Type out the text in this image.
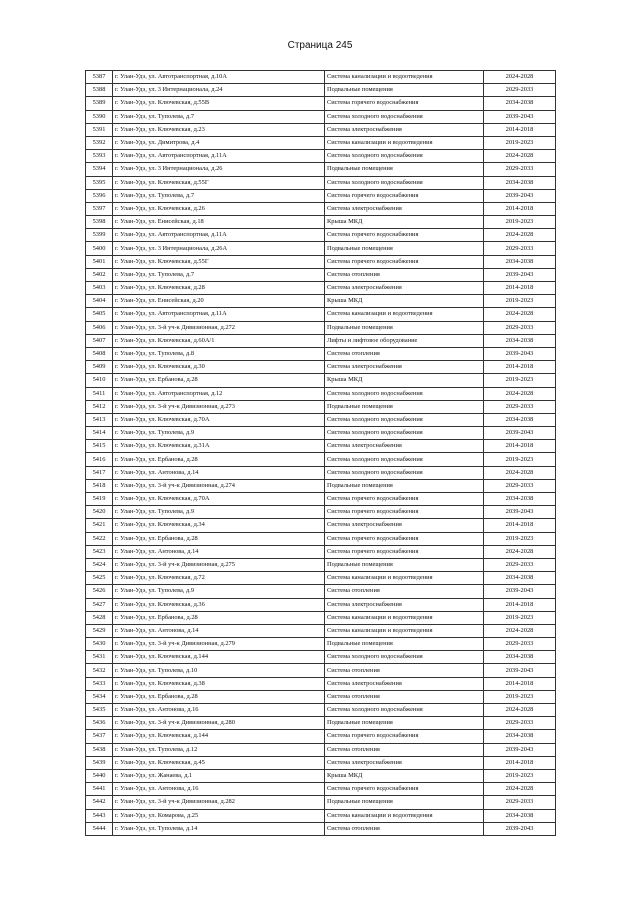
Страница 245
5387	г. Улан-Удэ, ул. Автотранспортная, д.10А	Система канализации и водоотведения	2024-2028
5388	г. Улан-Удэ, ул. 3 Интернационала, д.24	Подвальные помещения	2029-2033
5389	г. Улан-Удэ, ул. Ключевская, д.55В	Система горячего водоснабжения	2034-2038
5390	г. Улан-Удэ, ул. Туполева, д.7	Система холодного водоснабжения	2039-2043
5391	г. Улан-Удэ, ул. Ключевская, д.23	Система электроснабжения	2014-2018
5392	г. Улан-Удэ, ул. Димитрова, д.4	Система канализации и водоотведения	2019-2023
5393	г. Улан-Удэ, ул. Автотранспортная, д.11А	Система холодного водоснабжения	2024-2028
5394	г. Улан-Удэ, ул. 3 Интернационала, д.26	Подвальные помещения	2029-2033
5395	г. Улан-Удэ, ул. Ключевская, д.55Г	Система холодного водоснабжения	2034-2038
5396	г. Улан-Удэ, ул. Туполева, д.7	Система горячего водоснабжения	2039-2043
5397	г. Улан-Удэ, ул. Ключевская, д.26	Система электроснабжения	2014-2018
5398	г. Улан-Удэ, ул. Енисейская, д.18	Крыша МКД	2019-2023
5399	г. Улан-Удэ, ул. Автотранспортная, д.11А	Система горячего водоснабжения	2024-2028
5400	г. Улан-Удэ, ул. 3 Интернационала, д.26А	Подвальные помещения	2029-2033
5401	г. Улан-Удэ, ул. Ключевская, д.55Г	Система горячего водоснабжения	2034-2038
5402	г. Улан-Удэ, ул. Туполева, д.7	Система отопления	2039-2043
5403	г. Улан-Удэ, ул. Ключевская, д.28	Система электроснабжения	2014-2018
5404	г. Улан-Удэ, ул. Енисейская, д.20	Крыша МКД	2019-2023
5405	г. Улан-Удэ, ул. Автотранспортная, д.11А	Система канализации и водоотведения	2024-2028
5406	г. Улан-Удэ, ул. 3-й уч-к Дивизионная, д.272	Подвальные помещения	2029-2033
5407	г. Улан-Удэ, ул. Ключевская, д.60А/1	Лифты и лифтовое оборудование	2034-2038
5408	г. Улан-Удэ, ул. Туполева, д.8	Система отопления	2039-2043
5409	г. Улан-Удэ, ул. Ключевская, д.30	Система электроснабжения	2014-2018
5410	г. Улан-Удэ, ул. Ербанова, д.28	Крыша МКД	2019-2023
5411	г. Улан-Удэ, ул. Автотранспортная, д.12	Система холодного водоснабжения	2024-2028
5412	г. Улан-Удэ, ул. 3-й уч-к Дивизионная, д.273	Подвальные помещения	2029-2033
5413	г. Улан-Удэ, ул. Ключевская, д.70А	Система холодного водоснабжения	2034-2038
5414	г. Улан-Удэ, ул. Туполева, д.9	Система холодного водоснабжения	2039-2043
5415	г. Улан-Удэ, ул. Ключевская, д.31А	Система электроснабжения	2014-2018
5416	г. Улан-Удэ, ул. Ербанова, д.28	Система холодного водоснабжения	2019-2023
5417	г. Улан-Удэ, ул. Антонова, д.14	Система холодного водоснабжения	2024-2028
5418	г. Улан-Удэ, ул. 3-й уч-к Дивизионная, д.274	Подвальные помещения	2029-2033
5419	г. Улан-Удэ, ул. Ключевская, д.70А	Система горячего водоснабжения	2034-2038
5420	г. Улан-Удэ, ул. Туполева, д.9	Система горячего водоснабжения	2039-2043
5421	г. Улан-Удэ, ул. Ключевская, д.34	Система электроснабжения	2014-2018
5422	г. Улан-Удэ, ул. Ербанова, д.28	Система горячего водоснабжения	2019-2023
5423	г. Улан-Удэ, ул. Антонова, д.14	Система горячего водоснабжения	2024-2028
5424	г. Улан-Удэ, ул. 3-й уч-к Дивизионная, д.275	Подвальные помещения	2029-2033
5425	г. Улан-Удэ, ул. Ключевская, д.72	Система канализации и водоотведения	2034-2038
5426	г. Улан-Удэ, ул. Туполева, д.9	Система отопления	2039-2043
5427	г. Улан-Удэ, ул. Ключевская, д.36	Система электроснабжения	2014-2018
5428	г. Улан-Удэ, ул. Ербанова, д.28	Система канализации и водоотведения	2019-2023
5429	г. Улан-Удэ, ул. Антонова, д.14	Система канализации и водоотведения	2024-2028
5430	г. Улан-Удэ, ул. 3-й уч-к Дивизионная, д.279	Подвальные помещения	2029-2033
5431	г. Улан-Удэ, ул. Ключевская, д.144	Система холодного водоснабжения	2034-2038
5432	г. Улан-Удэ, ул. Туполева, д.10	Система отопления	2039-2043
5433	г. Улан-Удэ, ул. Ключевская, д.38	Система электроснабжения	2014-2018
5434	г. Улан-Удэ, ул. Ербанова, д.28	Система отопления	2019-2023
5435	г. Улан-Удэ, ул. Антонова, д.16	Система холодного водоснабжения	2024-2028
5436	г. Улан-Удэ, ул. 3-й уч-к Дивизионная, д.280	Подвальные помещения	2029-2033
5437	г. Улан-Удэ, ул. Ключевская, д.144	Система горячего водоснабжения	2034-2038
5438	г. Улан-Удэ, ул. Туполева, д.12	Система отопления	2039-2043
5439	г. Улан-Удэ, ул. Ключевская, д.45	Система электроснабжения	2014-2018
5440	г. Улан-Удэ, ул. Жанаева, д.1	Крыша МКД	2019-2023
5441	г. Улан-Удэ, ул. Антонова, д.16	Система горячего водоснабжения	2024-2028
5442	г. Улан-Удэ, ул. 3-й уч-к Дивизионная, д.282	Подвальные помещения	2029-2033
5443	г. Улан-Удэ, ул. Комарова, д.25	Система канализации и водоотведения	2034-2038
5444	г. Улан-Удэ, ул. Туполева, д.14	Система отопления	2039-2043
